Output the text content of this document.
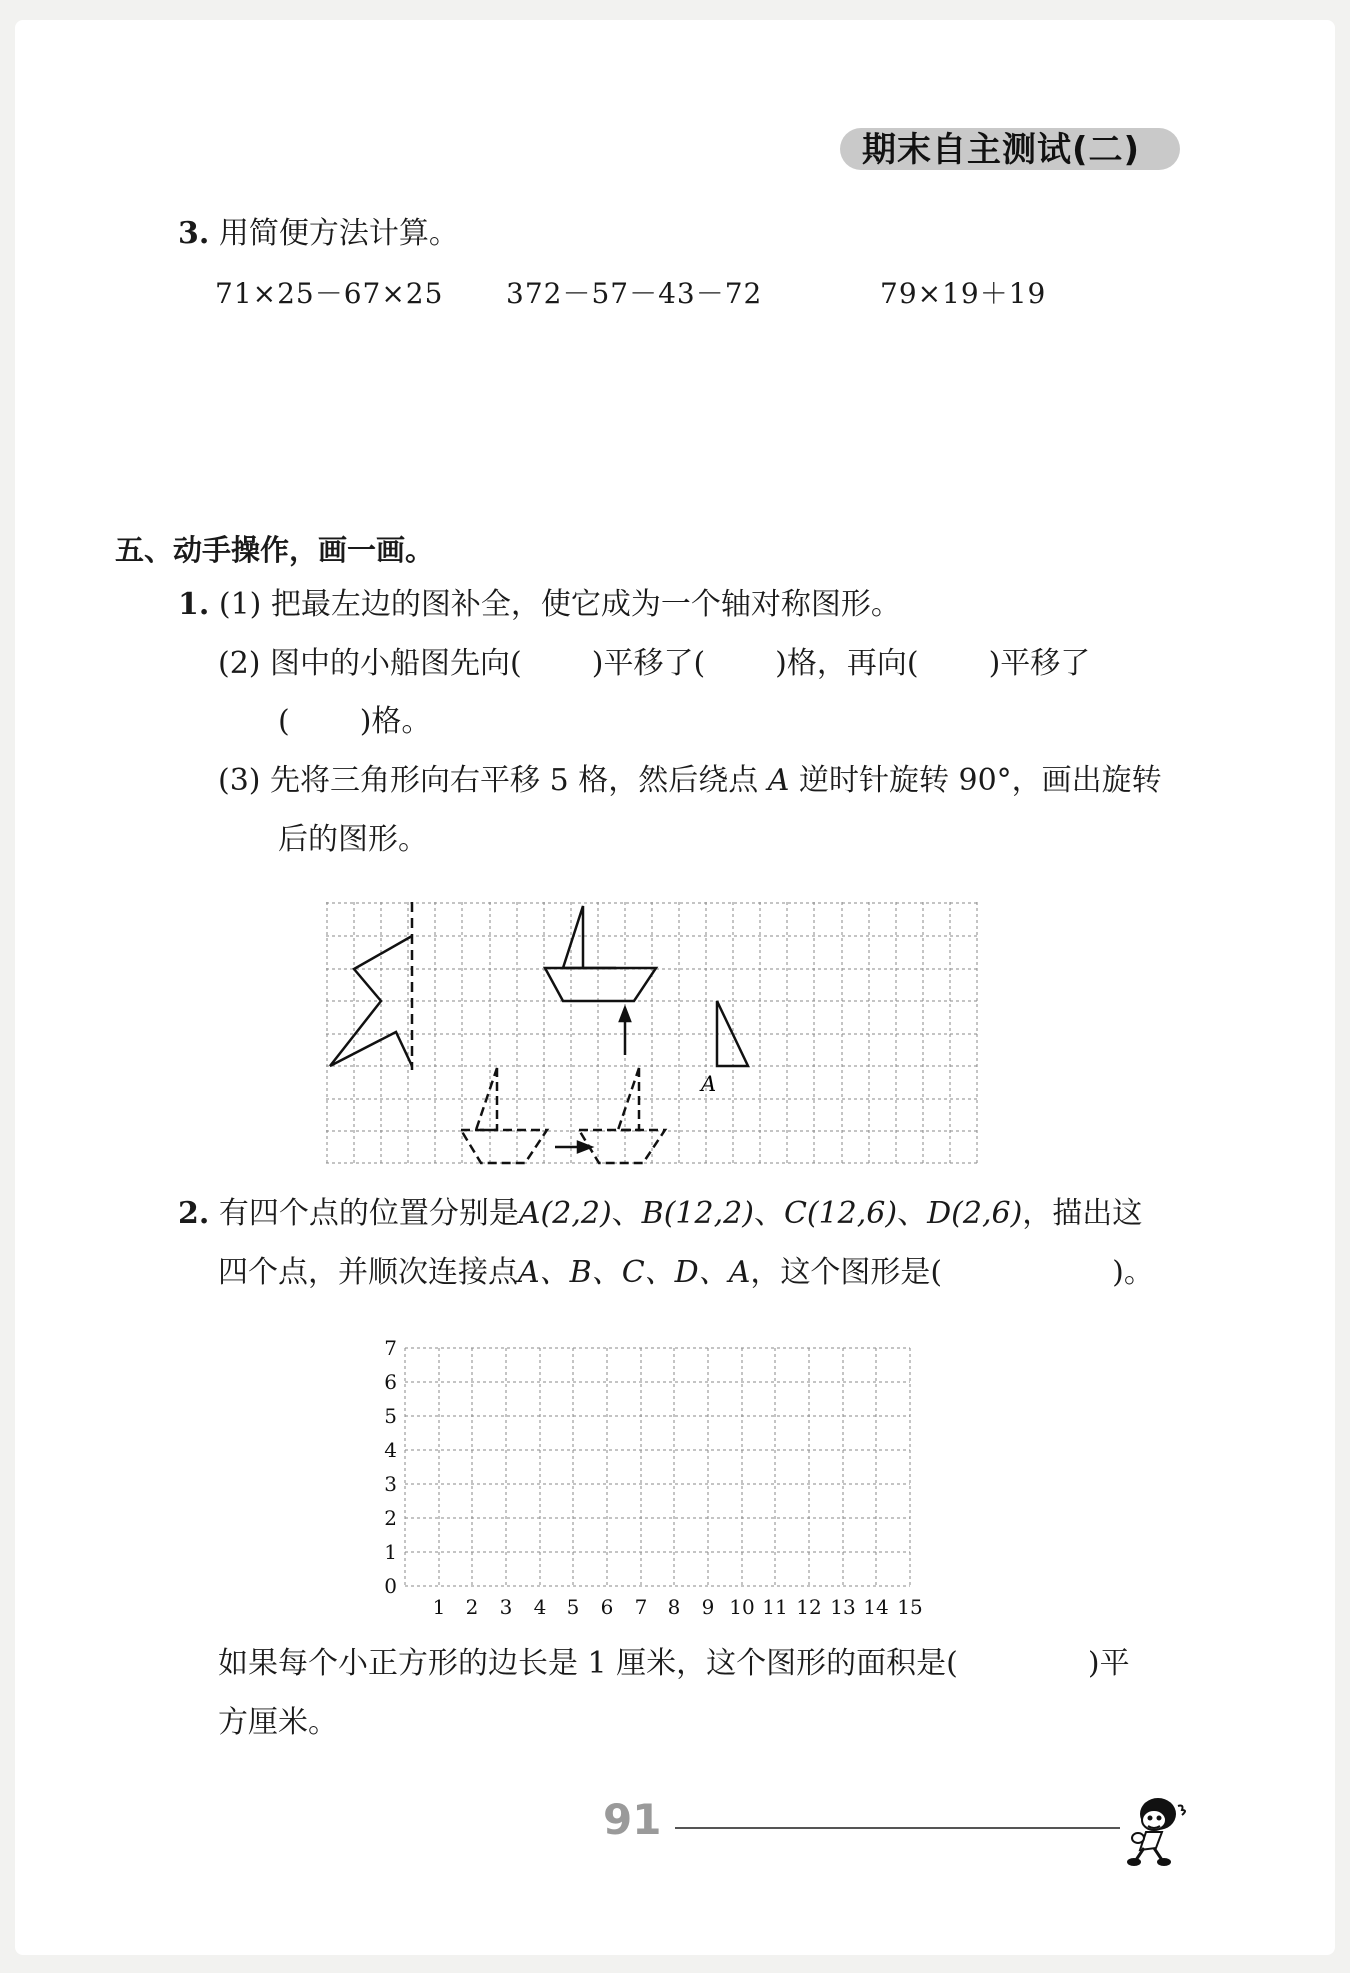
期末自主测试(二)
3. 用简便方法计算。
71×25－67×25 372－57－43－72	79×19＋19
五、动手操作，画一画。
1. (1) 把最左边的图补全，使它成为一个轴对称图形。
(2) 图中的小船图先向( )平移了( )格，再向( )平移了
( )格。
(3) 先将三角形向右平移 5 格，然后绕点 A 逆时针旋转 90°，画出旋转
后的图形。
A
2. 有四个点的位置分别是A(2,2)、B(12,2)、C(12,6)、D(2,6)，描出这
四个点，并顺次连接点A、B、C、D、A，这个图形是(	)。
7
6
5
4
3
2
1
0
1 2 3 4 5 6 7 8 9 10 11 12 13 14 15
如果每个小正方形的边长是 1 厘米，这个图形的面积是(	)平
方厘米。
91
